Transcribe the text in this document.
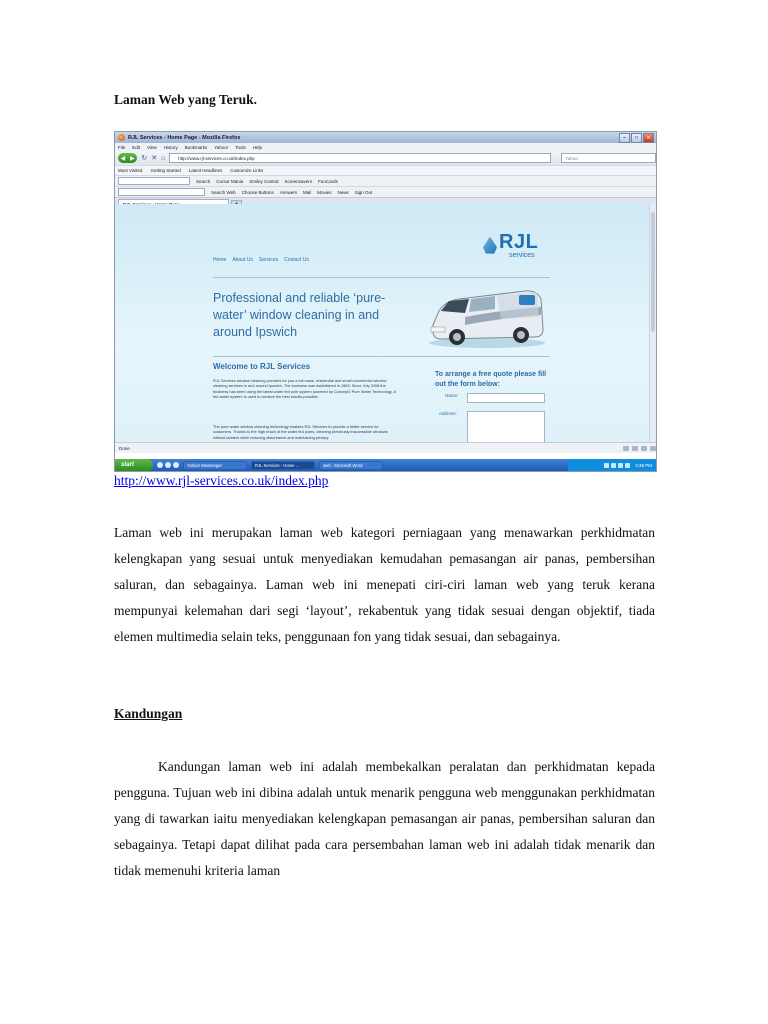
Laman Web yang Teruk.
RJL Services - Home Page - Mozilla Firefox	–	□	✕
File Edit View History Bookmarks Yahoo! Tools Help
◀ ▶ ↻ ✕ ⌂	http://www.rjl-services.co.uk/index.php	Yahoo
Most Visited Getting Started Latest Headlines Customize Links
Search Cursor Mania Smiley Central Screensavers FunCards
Search Web Choose Buttons Answers Mail Movies News Sign Out
Home About Us Services Contact Us
RJL
services
Professional and reliable ‘pure-water’ window cleaning in and around Ipswich
Welcome to RJL Services
RJL Services window cleaning provides for you a full mass, residential and small commercial window cleaning services in and around Ipswich. The business was established in 1983. Since July 2008 the business has been using the latest water fed pole system powered by Concept2 Pure Water Technology. A fed-water system is used to achieve the best results possible.
The pure water window cleaning technology enables RJL Services to provide a better service for customers. Thanks to the high reach of the water fed poles, cleaning previously inaccessible windows without ladders while reducing disturbance and maintaining privacy.
To arrange a free quote please fill out the form below:
Name:
Address:
Done
start	Yahoo! Messenger	RJL Services - Home ...	web - Microsoft Word	3:35 PM
http://www.rjl-services.co.uk/index.php
Laman web ini merupakan laman web kategori perniagaan yang menawarkan perkhidmatan kelengkapan yang sesuai untuk menyediakan kemudahan pemasangan air panas, pembersihan saluran, dan sebagainya. Laman web ini menepati ciri-ciri laman web yang teruk kerana mempunyai kelemahan dari segi ‘layout’, rekabentuk yang tidak sesuai dengan objektif, tiada elemen multimedia selain teks, penggunaan fon yang tidak sesuai, dan sebagainya.
Kandungan
Kandungan laman web ini adalah membekalkan peralatan dan perkhidmatan kepada pengguna. Tujuan web ini dibina adalah untuk menarik pengguna web menggunakan perkhidmatan yang di tawarkan iaitu menyediakan kelengkapan pemasangan air panas, pembersihan saluran dan sebagainya. Tetapi dapat dilihat pada cara persembahan laman web ini adalah tidak menarik dan tidak memenuhi kriteria laman
